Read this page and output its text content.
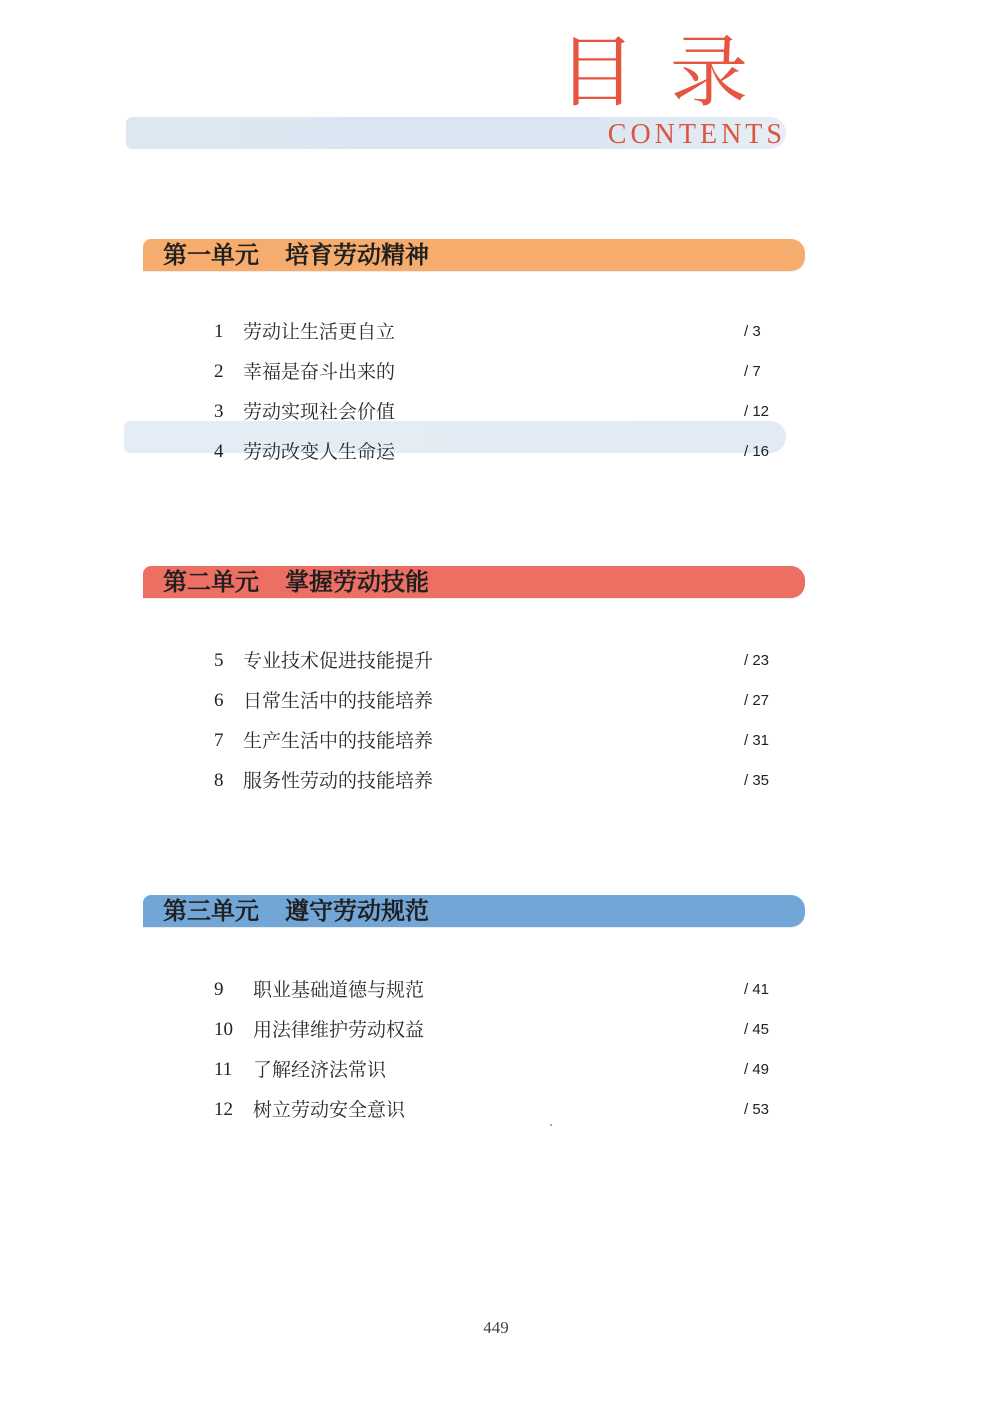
目录
CONTENTS
第一单元 培育劳动精神
1 劳动让生活更自立	/ 3
2 幸福是奋斗出来的	/ 7
3 劳动实现社会价值	/ 12
4 劳动改变人生命运	/ 16
第二单元 掌握劳动技能
5 专业技术促进技能提升	/ 23
6 日常生活中的技能培养	/ 27
7 生产生活中的技能培养	/ 31
8 服务性劳动的技能培养	/ 35
第三单元 遵守劳动规范
9 职业基础道德与规范	/ 41
10 用法律维护劳动权益	/ 45
11 了解经济法常识	/ 49
12 树立劳动安全意识	/ 53
449
